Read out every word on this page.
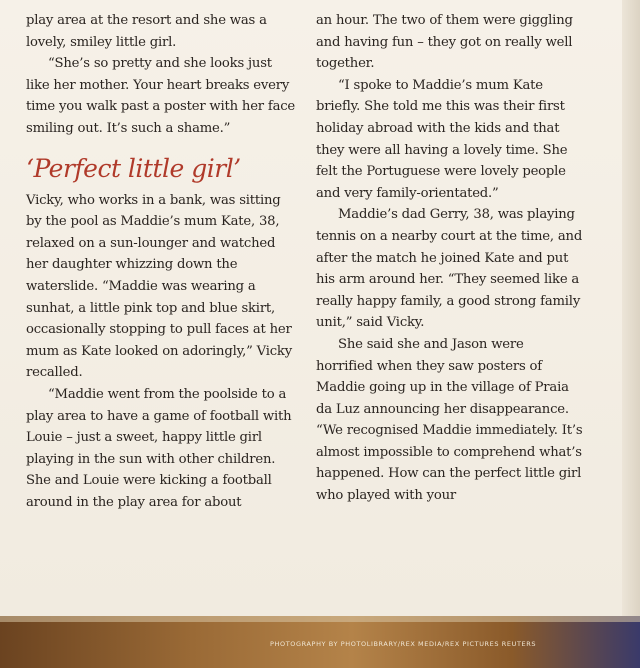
play area at the resort and she was a lovely, smiley little girl.

“She’s so pretty and she looks just like her mother. Your heart breaks every time you walk past a poster with her face smiling out. It’s such a shame.”

‘Perfect little girl’

Vicky, who works in a bank, was sitting by the pool as Maddie’s mum Kate, 38, relaxed on a sun-lounger and watched her daughter whizzing down the waterslide. “Maddie was wearing a sunhat, a little pink top and blue skirt, occasionally stopping to pull faces at her mum as Kate looked on adoringly,” Vicky recalled.

“Maddie went from the poolside to a play area to have a game of football with Louie – just a sweet, happy little girl playing in the sun with other children. She and Louie were kicking a football around in the play area for about

an hour. The two of them were giggling and having fun – they got on really well together.

“I spoke to Maddie’s mum Kate briefly. She told me this was their first holiday abroad with the kids and that they were all having a lovely time. She felt the Portuguese were lovely people and very family-orientated.”

Maddie’s dad Gerry, 38, was playing tennis on a nearby court at the time, and after the match he joined Kate and put his arm around her. “They seemed like a really happy family, a good strong family unit,” said Vicky.

She said she and Jason were horrified when they saw posters of Maddie going up in the village of Praia da Luz announcing her disappearance. “We recognised Maddie immediately. It’s almost impossible to comprehend what’s happened. How can the perfect little girl who played with your

PHOTOGRAPHY BY PHOTOLIBRARY/REX MEDIA/REX PICTURES REUTERS
